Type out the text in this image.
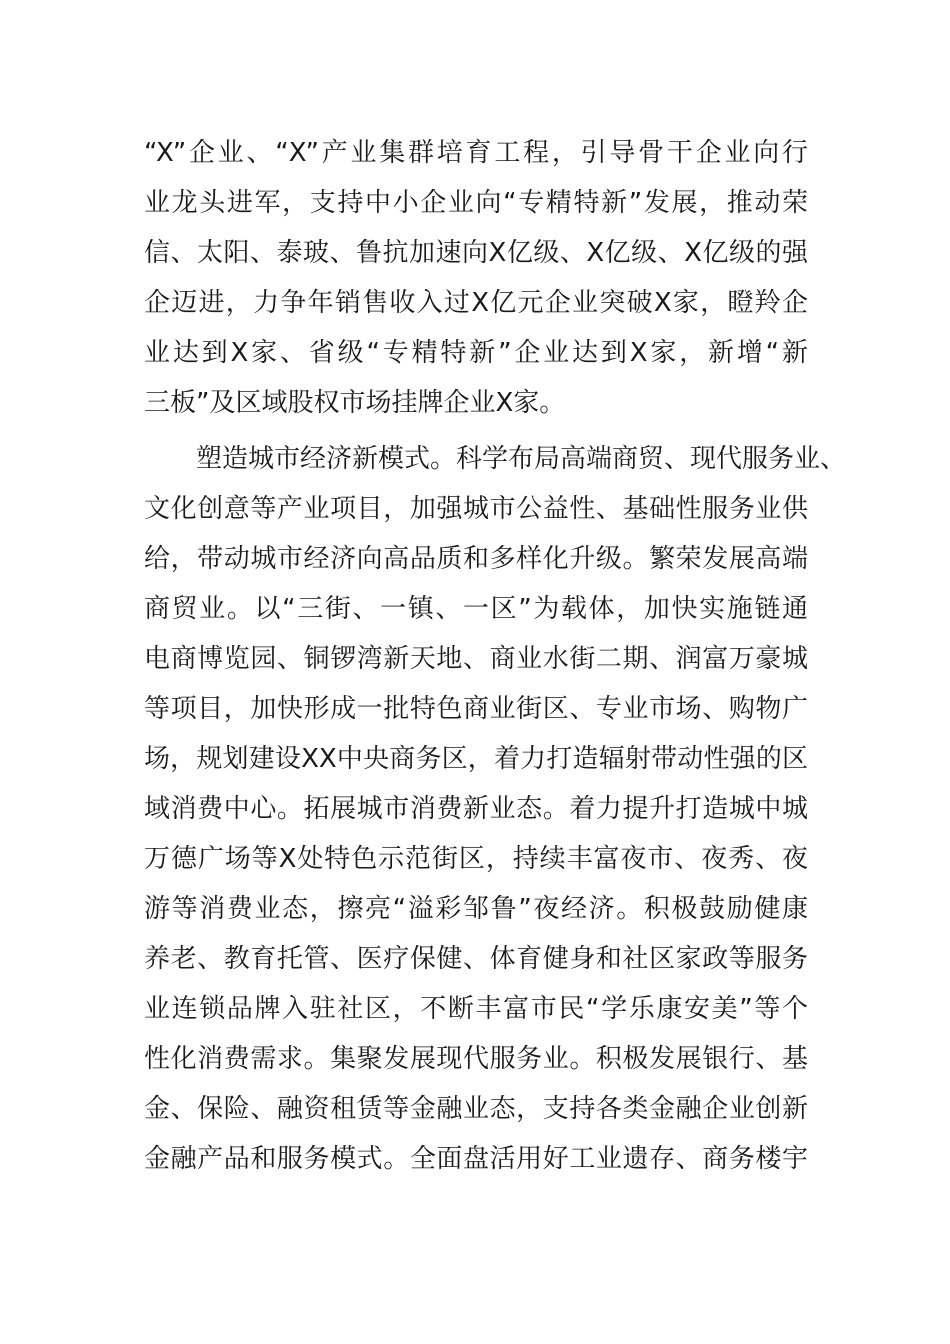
“X”企业、“X”产业集群培育工程，引导骨干企业向行
业龙头进军，支持中小企业向“专精特新”发展，推动荣
信、太阳、泰玻、鲁抗加速向X亿级、X亿级、X亿级的强
企迈进，力争年销售收入过X亿元企业突破X家，瞪羚企
业达到X家、省级“专精特新”企业达到X家，新增“新
三板”及区域股权市场挂牌企业X家。
　　塑造城市经济新模式。科学布局高端商贸、现代服务业、
文化创意等产业项目，加强城市公益性、基础性服务业供
给，带动城市经济向高品质和多样化升级。繁荣发展高端
商贸业。以“三街、一镇、一区”为载体，加快实施链通
电商博览园、铜锣湾新天地、商业水街二期、润富万豪城
等项目，加快形成一批特色商业街区、专业市场、购物广
场，规划建设XX中央商务区，着力打造辐射带动性强的区
域消费中心。拓展城市消费新业态。着力提升打造城中城
万德广场等X处特色示范街区，持续丰富夜市、夜秀、夜
游等消费业态，擦亮“溢彩邹鲁”夜经济。积极鼓励健康
养老、教育托管、医疗保健、体育健身和社区家政等服务
业连锁品牌入驻社区，不断丰富市民“学乐康安美”等个
性化消费需求。集聚发展现代服务业。积极发展银行、基
金、保险、融资租赁等金融业态，支持各类金融企业创新
金融产品和服务模式。全面盘活用好工业遗存、商务楼宇
